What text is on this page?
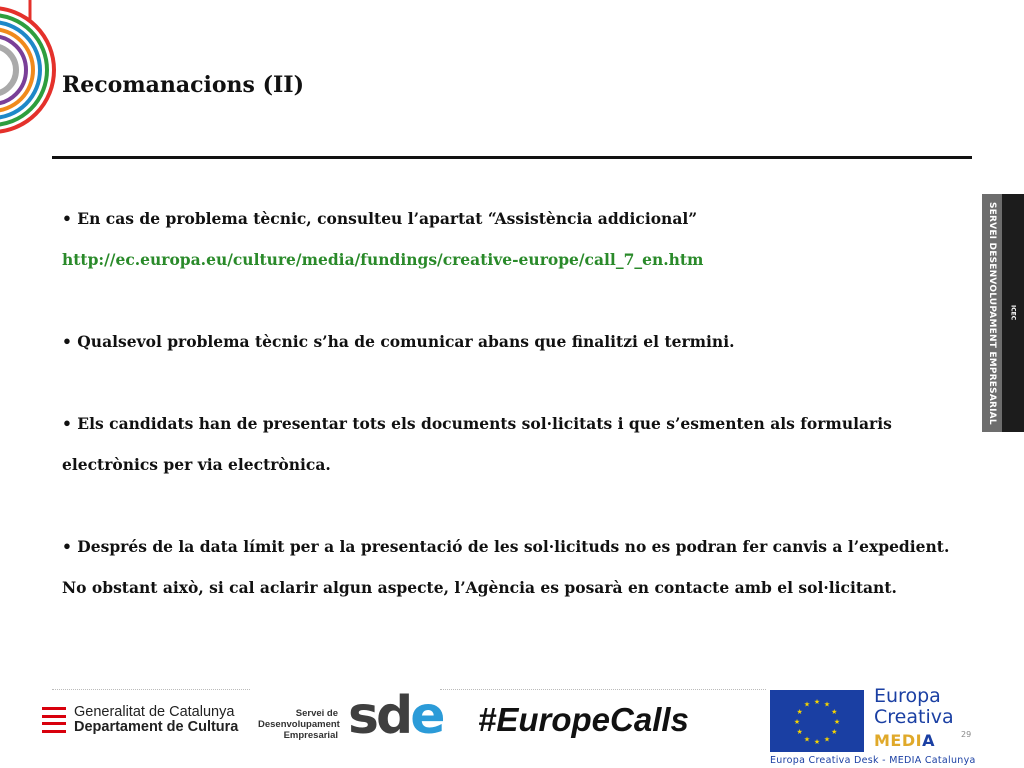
Recomanacions (II)

• En cas de problema tècnic, consulteu l’apartat “Assistència addicional”

http://ec.europa.eu/culture/media/fundings/creative-europe/call_7_en.htm

• Qualsevol problema tècnic s’ha de comunicar abans que finalitzi el termini.

• Els candidats han de presentar tots els documents sol·licitats i que s’esmenten als formularis electrònics per via electrònica.

• Després de la data límit per a la presentació de les sol·licituds no es podran fer canvis a l’expedient. No obstant això, si cal aclarir algun aspecte, l’Agència es posarà en contacte amb el sol·licitant.

SERVEI DESENVOLUPAMENT EMPRESARIAL ICEC
Generalitat de Catalunya
Departament de Cultura
Servei de
Desenvolupament
Empresarial sde #EuropeCalls	★ ★
★
★
★
★
★
★
★
★
★
★	Europa
Creativa
MEDIA	29
Europa Creativa Desk - MEDIA Catalunya
